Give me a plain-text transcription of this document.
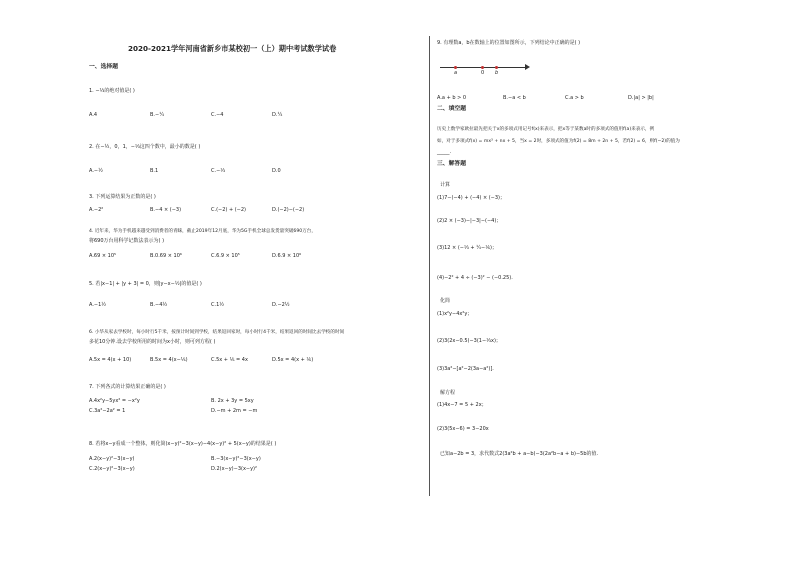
2020-2021学年河南省新乡市某校初一（上）期中考试数学试卷
一、选择题
1. −⅓的绝对值是( )
A.4	B.−¼	C.−4	D.¼
2. 在−½，0，1，−⅓这四个数中，最小的数是( )
A.−½	B.1	C.−⅓	D.0
3. 下列运算结果为正数的是( )
A.−2²	B.−4 × (−3)	C.(−2) + (−2)	D.(−2)−(−2)
4. 近年来，华为手机越来越受到消费者的青睐，截止2019年12月底，华为5G手机全球总发货量突破690万台，
将690万台用科学记数法表示为( )
A.69 × 10⁵	B.0.69 × 10⁶	C.6.9 × 10⁵	D.6.9 × 10⁶
5. 若|x−1| + |y + 3| = 0，则|y−x−½|的值是( )
A.−1½	B.−4½	C.1½	D.−2½
6. 小华从家去学校时，每小时行5千米，按预计时间到学校，结果返回家时，每小时行4千米，结果返回的时间比去学校的时间
多花10分钟.设去学校所用的时间为x小时，则可列方程( )
A.5x = 4(x + 10)	B.5x = 4(x−⅙)	C.5x + ⅙ = 4x	D.5x = 4(x + ⅙)
7. 下列各式的计算结果正确的是( )
A.4x²y−5yx² = −x²y	B. 2x + 3y = 5xy
C.3a²−2a² = 1	D.−m + 2m = −m
8. 若将x−y看成一个整体，则化简(x−y)²−3(x−y)−4(x−y)² + 5(x−y)的结果是( )
A.2(x−y)²−3(x−y)	B.−3(x−y)²−3(x−y)
C.2(x−y)²−3(x−y)	D.2(x−y)−3(x−y)²
9. 有理数a，b在数轴上的位置如图所示，下列结论中正确的是( )
a	0 b
A.a + b > 0	B.−a < b	C.a > b	D.|a| > |b|
二、填空题
历史上数学家欧拉最先把关于x的多项式用记号f(x)来表示，把x等于某数a时的多项式的值用f(a)来表示，例
如，对于多项式f(x) = mx³ + nx + 5，当x = 2时，多项式的值为f(2) = 8m + 2n + 5，若f(2) = 6，则f(−2)的值为
_____.
三、解答题
计算
(1)7−(−4) + (−4) × (−3)；
(2)2 × (−3)−|−3|−(−4)；
(3)12 × (−⅓ + ¼−⅙)；
(4)−2² + 4 ÷ (−3)² − (−0.25).
化简
(1)x²y−4x²y；
(2)3(2x−0.5)−3(1−⅓x)；
(3)3a²−[a²−2(3a−a²)].
解方程
(1)4x−7 = 5 + 2x；
(2)3(5x−6) = 3−20x
已知a−2b = 3，求代数式2(3a²b + a−b)−3(2a²b−a + b)−5b的值.
